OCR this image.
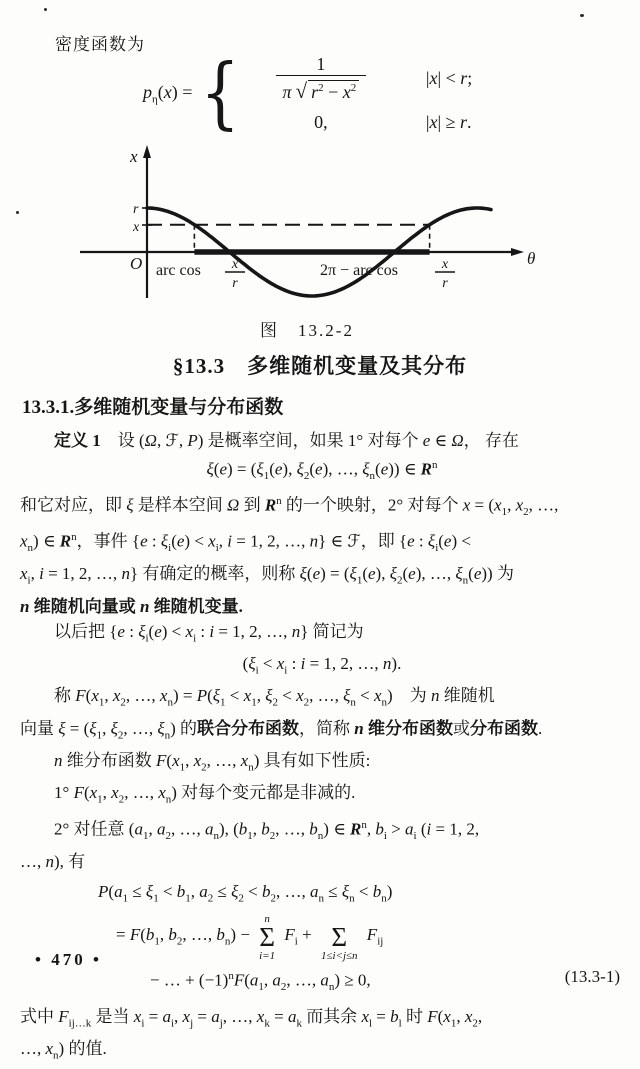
密度函数为
$p_\eta(x)$ = { $\frac{1}{\pi √ r^2 - x^2}$	|x| < r;
0,	|x| ≥ r.
x
r
x
O	θ
arc cos x
r
2π − arc cos	x
r
图　13.2-2
§13.3　多维随机变量及其分布
13.3.1.多维随机变量与分布函数
定义 1　设 (Ω, ℱ, P) 是概率空间，如果 1° 对每个 e ∈ Ω， 存在
$\xi(e) = (\xi_1(e)$, $\xi_2(e)$, …, $\xi_n(e)$) ∈ $R^n$
和它对应，即 ξ 是样本空间 Ω 到 $R^n$ 的一个映射，2° 对每个 $x = (x_1$, $x_2$, …,
$x_n$) ∈ $R^n$，事件 {e : $\xi_i(e) < x_i$, i = 1, 2, …, n} ∈ ℱ，即 {e : $\xi_i(e)$ <
$x_i$, i = 1, 2, …, n} 有确定的概率，则称 $\xi(e) = (\xi_1(e)$, $\xi_2(e)$, …, $\xi_n(e)$) 为
n 维随机向量或 n 维随机变量.
以后把 {e : $\xi_i(e) < x_i$ : i = 1, 2, …, n} 简记为
($\xi_i < x_i$ : i = 1, 2, …, n).
称 $F(x_1$, $x_2$, …, $x_n) = P(\xi_1 < x_1$, $\xi_2 < x_2$, …, $\xi_n < x_n$) 为 n 维随机
向量 $\xi = (\xi_1$, $\xi_2$, …, $\xi_n$) 的联合分布函数，简称 n 维分布函数或分布函数.
n 维分布函数 $F(x_1$, $x_2$, …, $x_n$) 具有如下性质:
1° $F(x_1$, $x_2$, …, $x_n$) 对每个变元都是非减的.
2° 对任意 ($a_1$, $a_2$, …, $a_n$), ($b_1$, $b_2$, …, $b_n$) ∈ $R^n$, $b_i > a_i$ (i = 1, 2,
…, n), 有
$P(a_1 \le \xi_1 < b_1$, $a_2 \le \xi_2 < b_2$, …, $a_n \le \xi_n < b_n$)
= $F(b_1$, $b_2$, …, $b_n$) −
n
Σ
i=1
$F_i$ +
Σ
1≤i<j≤n
$F_{ij}$
− … + $(-1)^nF(a_1$, $a_2$, …, $a_n) \ge 0$,	(13.3-1)
式中 $F_{ij\dots k}$ 是当 $x_i = a_i$, $x_j = a_j$, …, $x_k = a_k$ 而其余 $x_l = b_l$ 时 $F(x_1$, $x_2$,
…, $x_n$) 的值.
• 470 •
